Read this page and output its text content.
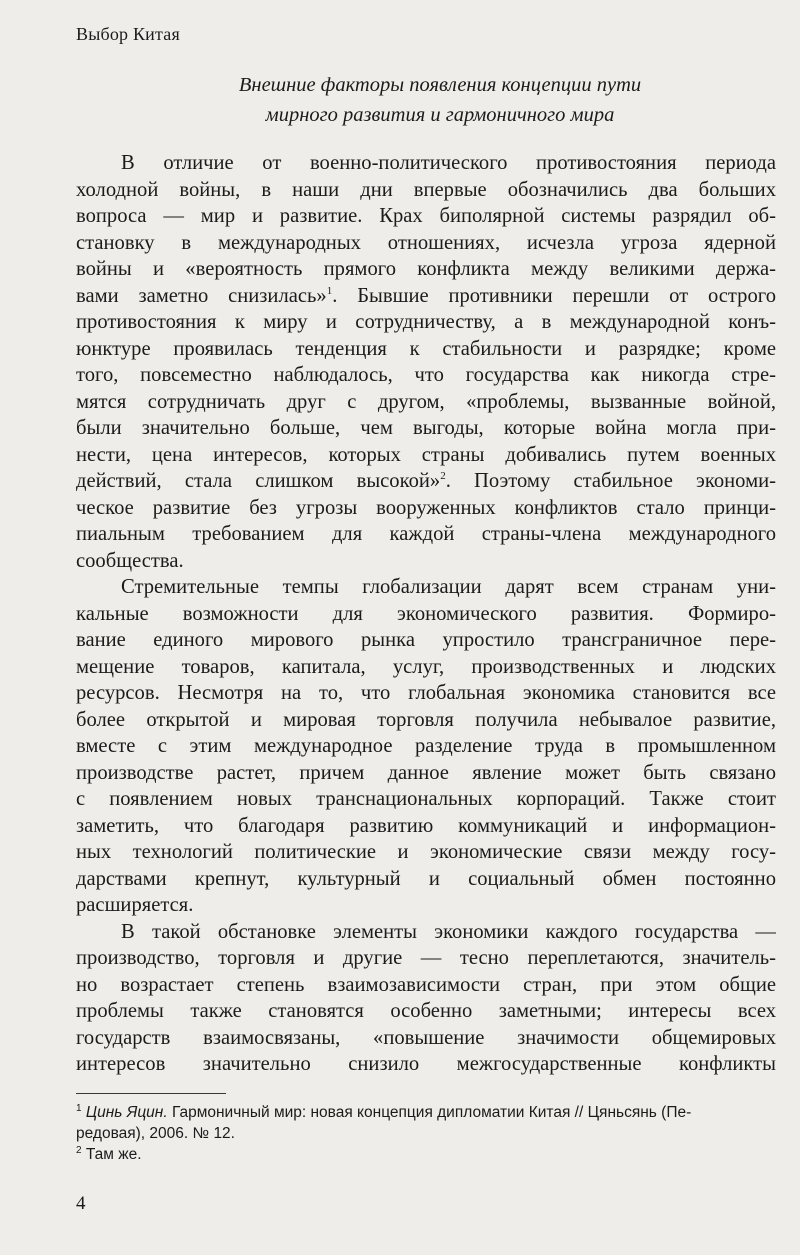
Выбор Китая
Внешние факторы появления концепции пути
мирного развития и гармоничного мира
В отличие от военно-политического противостояния периода
холодной войны, в наши дни впервые обозначились два больших
вопроса — мир и развитие. Крах биполярной системы разрядил об-
становку в международных отношениях, исчезла угроза ядерной
войны и «вероятность прямого конфликта между великими держа-
вами заметно снизилась»$^1$. Бывшие противники перешли от острого
противостояния к миру и сотрудничеству, а в международной конъ-
юнктуре проявилась тенденция к стабильности и разрядке; кроме
того, повсеместно наблюдалось, что государства как никогда стре-
мятся сотрудничать друг с другом, «проблемы, вызванные войной,
были значительно больше, чем выгоды, которые война могла при-
нести, цена интересов, которых страны добивались путем военных
действий, стала слишком высокой»$^2$. Поэтому стабильное экономи-
ческое развитие без угрозы вооруженных конфликтов стало принци-
пиальным требованием для каждой страны-члена международного
сообщества.
Стремительные темпы глобализации дарят всем странам уни-
кальные возможности для экономического развития. Формиро-
вание единого мирового рынка упростило трансграничное пере-
мещение товаров, капитала, услуг, производственных и людских
ресурсов. Несмотря на то, что глобальная экономика становится все
более открытой и мировая торговля получила небывалое развитие,
вместе с этим международное разделение труда в промышленном
производстве растет, причем данное явление может быть связано
с появлением новых транснациональных корпораций. Также стоит
заметить, что благодаря развитию коммуникаций и информацион-
ных технологий политические и экономические связи между госу-
дарствами крепнут, культурный и социальный обмен постоянно
расширяется.
В такой обстановке элементы экономики каждого государства —
производство, торговля и другие — тесно переплетаются, значитель-
но возрастает степень взаимозависимости стран, при этом общие
проблемы также становятся особенно заметными; интересы всех
государств взаимосвязаны, «повышение значимости общемировых
интересов значительно снизило межгосударственные конфликты
$^1$ Цинь Яцин. Гармоничный мир: новая концепция дипломатии Китая // Цяньсянь (Пе-
редовая), 2006. № 12.
$^2$ Там же.
4
